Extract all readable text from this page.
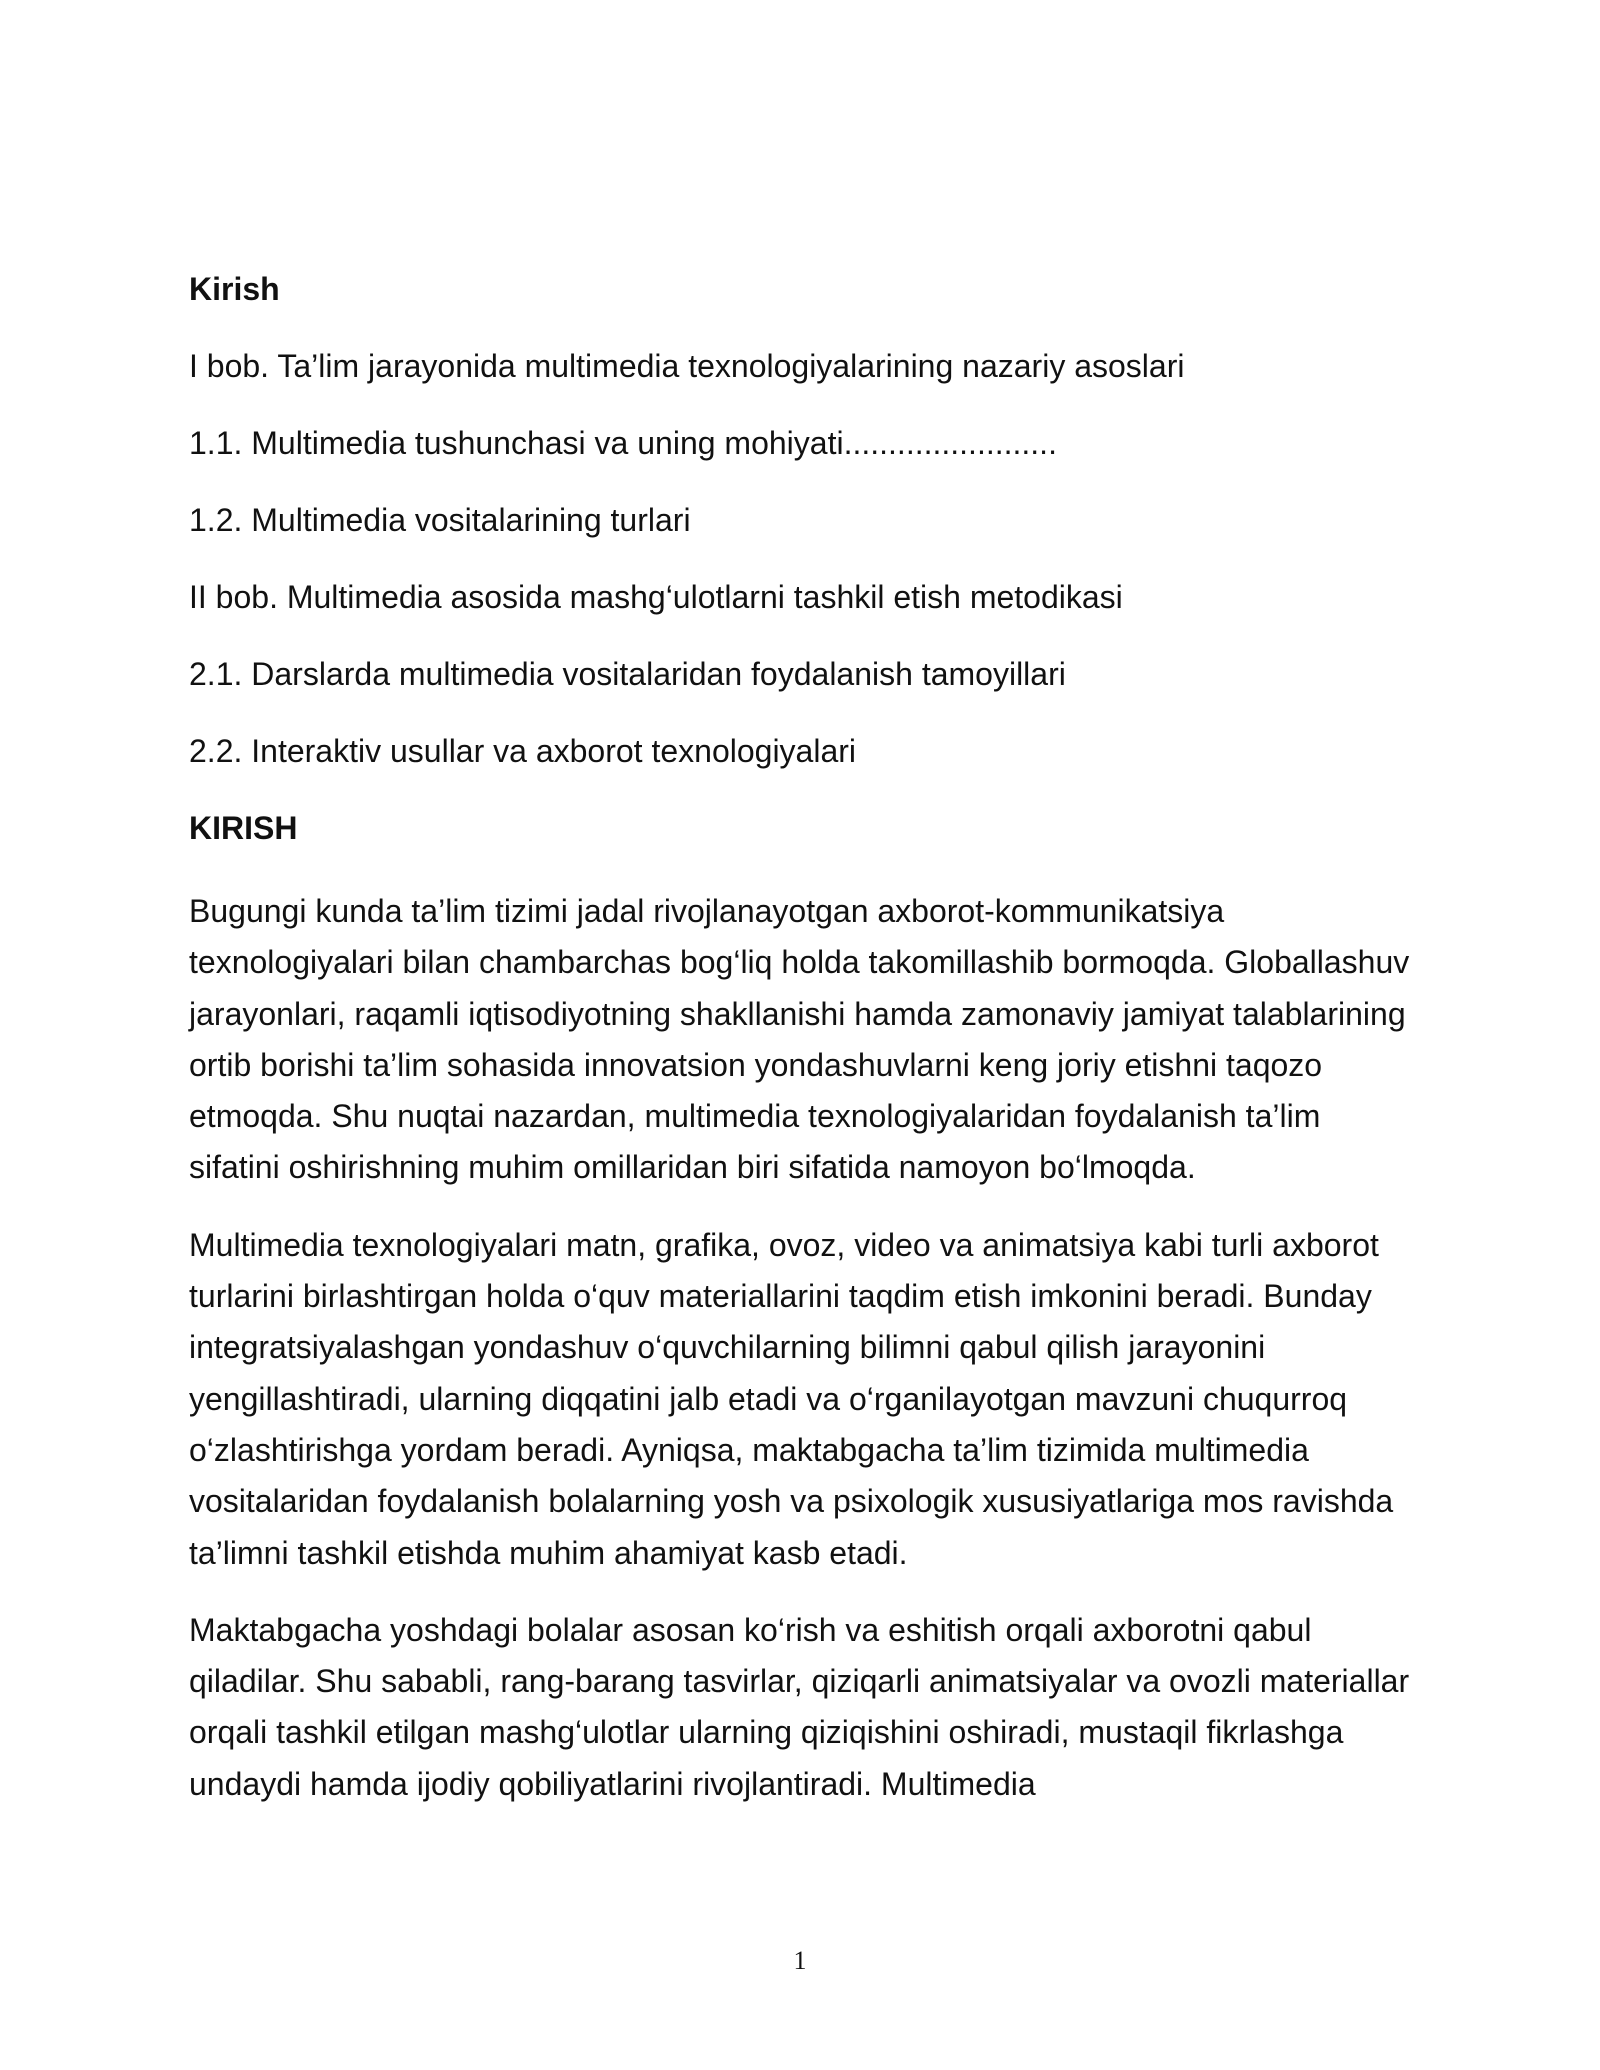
Kirish
I bob. Ta’lim jarayonida multimedia texnologiyalarining nazariy asoslari
1.1. Multimedia tushunchasi va uning mohiyati........................
1.2. Multimedia vositalarining turlari
II bob. Multimedia asosida mashg‘ulotlarni tashkil etish metodikasi
2.1. Darslarda multimedia vositalaridan foydalanish tamoyillari
2.2. Interaktiv usullar va axborot texnologiyalari
KIRISH

Bugungi kunda ta’lim tizimi jadal rivojlanayotgan axborot-kommunikatsiya texnologiyalari bilan chambarchas bog‘liq holda takomillashib bormoqda. Globallashuv jarayonlari, raqamli iqtisodiyotning shakllanishi hamda zamonaviy jamiyat talablarining ortib borishi ta’lim sohasida innovatsion yondashuvlarni keng joriy etishni taqozo etmoqda. Shu nuqtai nazardan, multimedia texnologiyalaridan foydalanish ta’lim sifatini oshirishning muhim omillaridan biri sifatida namoyon bo‘lmoqda.

Multimedia texnologiyalari matn, grafika, ovoz, video va animatsiya kabi turli axborot turlarini birlashtirgan holda o‘quv materiallarini taqdim etish imkonini beradi. Bunday integratsiyalashgan yondashuv o‘quvchilarning bilimni qabul qilish jarayonini yengillashtiradi, ularning diqqatini jalb etadi va o‘rganilayotgan mavzuni chuqurroq o‘zlashtirishga yordam beradi. Ayniqsa, maktabgacha ta’lim tizimida multimedia vositalaridan foydalanish bolalarning yosh va psixologik xususiyatlariga mos ravishda ta’limni tashkil etishda muhim ahamiyat kasb etadi.

Maktabgacha yoshdagi bolalar asosan ko‘rish va eshitish orqali axborotni qabul qiladilar. Shu sababli, rang-barang tasvirlar, qiziqarli animatsiyalar va ovozli materiallar orqali tashkil etilgan mashg‘ulotlar ularning qiziqishini oshiradi, mustaqil fikrlashga undaydi hamda ijodiy qobiliyatlarini rivojlantiradi. Multimedia

1
